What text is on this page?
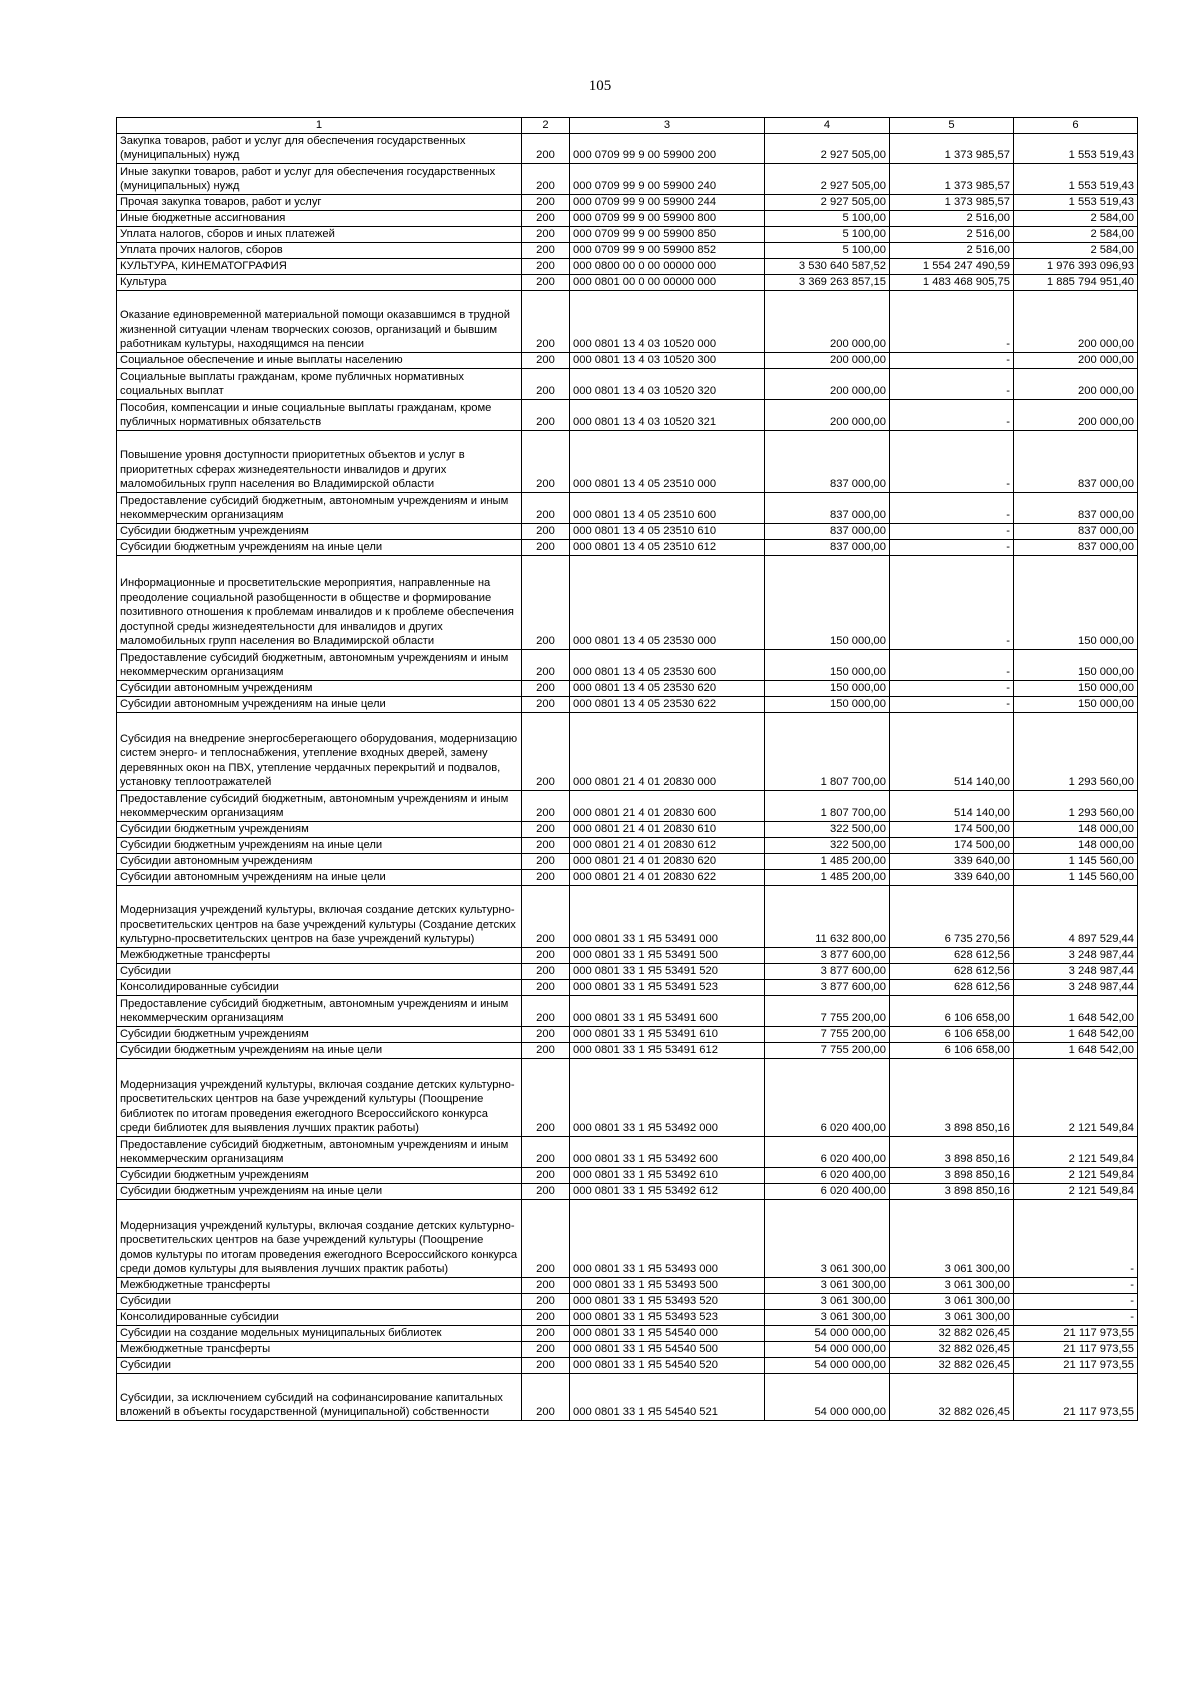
105
1	2	3	4	5	6
Закупка товаров, работ и услуг для обеспечения государственных (муниципальных) нужд	200	000 0709 99 9 00 59900 200	2 927 505,00	1 373 985,57	1 553 519,43
Иные закупки товаров, работ и услуг для обеспечения государственных (муниципальных) нужд	200	000 0709 99 9 00 59900 240	2 927 505,00	1 373 985,57	1 553 519,43
Прочая закупка товаров, работ и услуг	200	000 0709 99 9 00 59900 244	2 927 505,00	1 373 985,57	1 553 519,43
Иные бюджетные ассигнования	200	000 0709 99 9 00 59900 800	5 100,00	2 516,00	2 584,00
Уплата налогов, сборов и иных платежей	200	000 0709 99 9 00 59900 850	5 100,00	2 516,00	2 584,00
Уплата прочих налогов, сборов	200	000 0709 99 9 00 59900 852	5 100,00	2 516,00	2 584,00
КУЛЬТУРА, КИНЕМАТОГРАФИЯ	200	000 0800 00 0 00 00000 000	3 530 640 587,52	1 554 247 490,59	1 976 393 096,93
Культура	200	000 0801 00 0 00 00000 000	3 369 263 857,15	1 483 468 905,75	1 885 794 951,40
Оказание единовременной материальной помощи оказавшимся в трудной жизненной ситуации членам творческих союзов, организаций и бывшим работникам культуры, находящимся на пенсии	200	000 0801 13 4 03 10520 000	200 000,00	-	200 000,00
Социальное обеспечение и иные выплаты населению	200	000 0801 13 4 03 10520 300	200 000,00	-	200 000,00
Социальные выплаты гражданам, кроме публичных нормативных социальных выплат	200	000 0801 13 4 03 10520 320	200 000,00	-	200 000,00
Пособия, компенсации и иные социальные выплаты гражданам, кроме публичных нормативных обязательств	200	000 0801 13 4 03 10520 321	200 000,00	-	200 000,00
Повышение уровня доступности приоритетных объектов и услуг в приоритетных сферах жизнедеятельности инвалидов и других маломобильных групп населения во Владимирской области	200	000 0801 13 4 05 23510 000	837 000,00	-	837 000,00
Предоставление субсидий бюджетным, автономным учреждениям и иным некоммерческим организациям	200	000 0801 13 4 05 23510 600	837 000,00	-	837 000,00
Субсидии бюджетным учреждениям	200	000 0801 13 4 05 23510 610	837 000,00	-	837 000,00
Субсидии бюджетным учреждениям на иные цели	200	000 0801 13 4 05 23510 612	837 000,00	-	837 000,00
Информационные и просветительские мероприятия, направленные на преодоление социальной разобщенности в обществе и формирование позитивного отношения к проблемам инвалидов и к проблеме обеспечения доступной среды жизнедеятельности для инвалидов и других маломобильных групп населения во Владимирской области	200	000 0801 13 4 05 23530 000	150 000,00	-	150 000,00
Предоставление субсидий бюджетным, автономным учреждениям и иным некоммерческим организациям	200	000 0801 13 4 05 23530 600	150 000,00	-	150 000,00
Субсидии автономным учреждениям	200	000 0801 13 4 05 23530 620	150 000,00	-	150 000,00
Субсидии автономным учреждениям на иные цели	200	000 0801 13 4 05 23530 622	150 000,00	-	150 000,00
Субсидия на внедрение энергосберегающего оборудования, модернизацию систем энерго- и теплоснабжения, утепление входных дверей, замену деревянных окон на ПВХ, утепление чердачных перекрытий и подвалов, установку теплоотражателей	200	000 0801 21 4 01 20830 000	1 807 700,00	514 140,00	1 293 560,00
Предоставление субсидий бюджетным, автономным учреждениям и иным некоммерческим организациям	200	000 0801 21 4 01 20830 600	1 807 700,00	514 140,00	1 293 560,00
Субсидии бюджетным учреждениям	200	000 0801 21 4 01 20830 610	322 500,00	174 500,00	148 000,00
Субсидии бюджетным учреждениям на иные цели	200	000 0801 21 4 01 20830 612	322 500,00	174 500,00	148 000,00
Субсидии автономным учреждениям	200	000 0801 21 4 01 20830 620	1 485 200,00	339 640,00	1 145 560,00
Субсидии автономным учреждениям на иные цели	200	000 0801 21 4 01 20830 622	1 485 200,00	339 640,00	1 145 560,00
Модернизация учреждений культуры, включая создание детских культурно-просветительских центров на базе учреждений культуры (Создание детских культурно-просветительских центров на базе учреждений культуры)	200	000 0801 33 1 Я5 53491 000	11 632 800,00	6 735 270,56	4 897 529,44
Межбюджетные трансферты	200	000 0801 33 1 Я5 53491 500	3 877 600,00	628 612,56	3 248 987,44
Субсидии	200	000 0801 33 1 Я5 53491 520	3 877 600,00	628 612,56	3 248 987,44
Консолидированные субсидии	200	000 0801 33 1 Я5 53491 523	3 877 600,00	628 612,56	3 248 987,44
Предоставление субсидий бюджетным, автономным учреждениям и иным некоммерческим организациям	200	000 0801 33 1 Я5 53491 600	7 755 200,00	6 106 658,00	1 648 542,00
Субсидии бюджетным учреждениям	200	000 0801 33 1 Я5 53491 610	7 755 200,00	6 106 658,00	1 648 542,00
Субсидии бюджетным учреждениям на иные цели	200	000 0801 33 1 Я5 53491 612	7 755 200,00	6 106 658,00	1 648 542,00
Модернизация учреждений культуры, включая создание детских культурно-просветительских центров на базе учреждений культуры (Поощрение библиотек по итогам проведения ежегодного Всероссийского конкурса среди библиотек для выявления лучших практик работы)	200	000 0801 33 1 Я5 53492 000	6 020 400,00	3 898 850,16	2 121 549,84
Предоставление субсидий бюджетным, автономным учреждениям и иным некоммерческим организациям	200	000 0801 33 1 Я5 53492 600	6 020 400,00	3 898 850,16	2 121 549,84
Субсидии бюджетным учреждениям	200	000 0801 33 1 Я5 53492 610	6 020 400,00	3 898 850,16	2 121 549,84
Субсидии бюджетным учреждениям на иные цели	200	000 0801 33 1 Я5 53492 612	6 020 400,00	3 898 850,16	2 121 549,84
Модернизация учреждений культуры, включая создание детских культурно-просветительских центров на базе учреждений культуры (Поощрение домов культуры по итогам проведения ежегодного Всероссийского конкурса среди домов культуры для выявления лучших практик работы)	200	000 0801 33 1 Я5 53493 000	3 061 300,00	3 061 300,00	-
Межбюджетные трансферты	200	000 0801 33 1 Я5 53493 500	3 061 300,00	3 061 300,00	-
Субсидии	200	000 0801 33 1 Я5 53493 520	3 061 300,00	3 061 300,00	-
Консолидированные субсидии	200	000 0801 33 1 Я5 53493 523	3 061 300,00	3 061 300,00	-
Субсидии на создание модельных муниципальных библиотек	200	000 0801 33 1 Я5 54540 000	54 000 000,00	32 882 026,45	21 117 973,55
Межбюджетные трансферты	200	000 0801 33 1 Я5 54540 500	54 000 000,00	32 882 026,45	21 117 973,55
Субсидии	200	000 0801 33 1 Я5 54540 520	54 000 000,00	32 882 026,45	21 117 973,55
Субсидии, за исключением субсидий на софинансирование капитальных вложений в объекты государственной (муниципальной) собственности	200	000 0801 33 1 Я5 54540 521	54 000 000,00	32 882 026,45	21 117 973,55
